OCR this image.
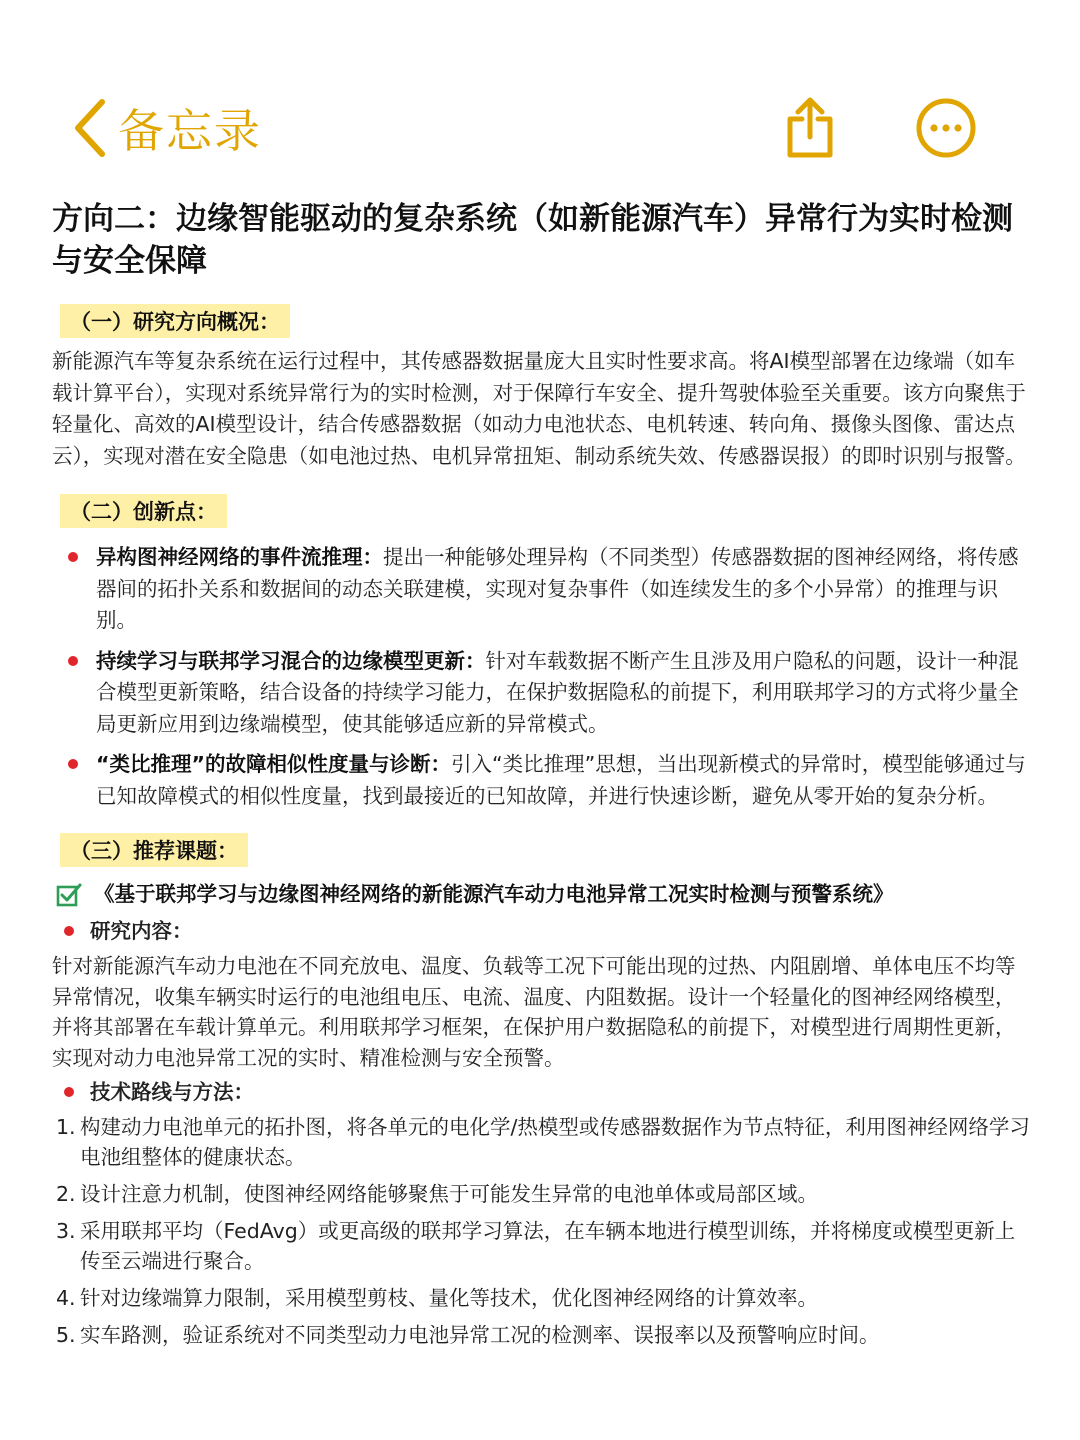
备忘录
方向二：边缘智能驱动的复杂系统（如新能源汽车）异常行为实时检测与安全保障
（一）研究方向概况：

新能源汽车等复杂系统在运行过程中，其传感器数据量庞大且实时性要求高。将AI模型部署在边缘端（如车载计算平台），实现对系统异常行为的实时检测，对于保障行车安全、提升驾驶体验至关重要。该方向聚焦于轻量化、高效的AI模型设计，结合传感器数据（如动力电池状态、电机转速、转向角、摄像头图像、雷达点云），实现对潜在安全隐患（如电池过热、电机异常扭矩、制动系统失效、传感器误报）的即时识别与报警。

（二）创新点：
异构图神经网络的事件流推理：提出一种能够处理异构（不同类型）传感器数据的图神经网络，将传感器间的拓扑关系和数据间的动态关联建模，实现对复杂事件（如连续发生的多个小异常）的推理与识别。
持续学习与联邦学习混合的边缘模型更新：针对车载数据不断产生且涉及用户隐私的问题，设计一种混合模型更新策略，结合设备的持续学习能力，在保护数据隐私的前提下，利用联邦学习的方式将少量全局更新应用到边缘端模型，使其能够适应新的异常模式。
“类比推理”的故障相似性度量与诊断：引入“类比推理”思想，当出现新模式的异常时，模型能够通过与已知故障模式的相似性度量，找到最接近的已知故障，并进行快速诊断，避免从零开始的复杂分析。
（三）推荐课题：
《基于联邦学习与边缘图神经网络的新能源汽车动力电池异常工况实时检测与预警系统》
研究内容：

针对新能源汽车动力电池在不同充放电、温度、负载等工况下可能出现的过热、内阻剧增、单体电压不均等异常情况，收集车辆实时运行的电池组电压、电流、温度、内阻数据。设计一个轻量化的图神经网络模型，并将其部署在车载计算单元。利用联邦学习框架，在保护用户数据隐私的前提下，对模型进行周期性更新，实现对动力电池异常工况的实时、精准检测与安全预警。

技术路线与方法：
1. 构建动力电池单元的拓扑图，将各单元的电化学/热模型或传感器数据作为节点特征，利用图神经网络学习电池组整体的健康状态。
2. 设计注意力机制，使图神经网络能够聚焦于可能发生异常的电池单体或局部区域。
3. 采用联邦平均（FedAvg）或更高级的联邦学习算法，在车辆本地进行模型训练，并将梯度或模型更新上传至云端进行聚合。
4. 针对边缘端算力限制，采用模型剪枝、量化等技术，优化图神经网络的计算效率。
5. 实车路测，验证系统对不同类型动力电池异常工况的检测率、误报率以及预警响应时间。
